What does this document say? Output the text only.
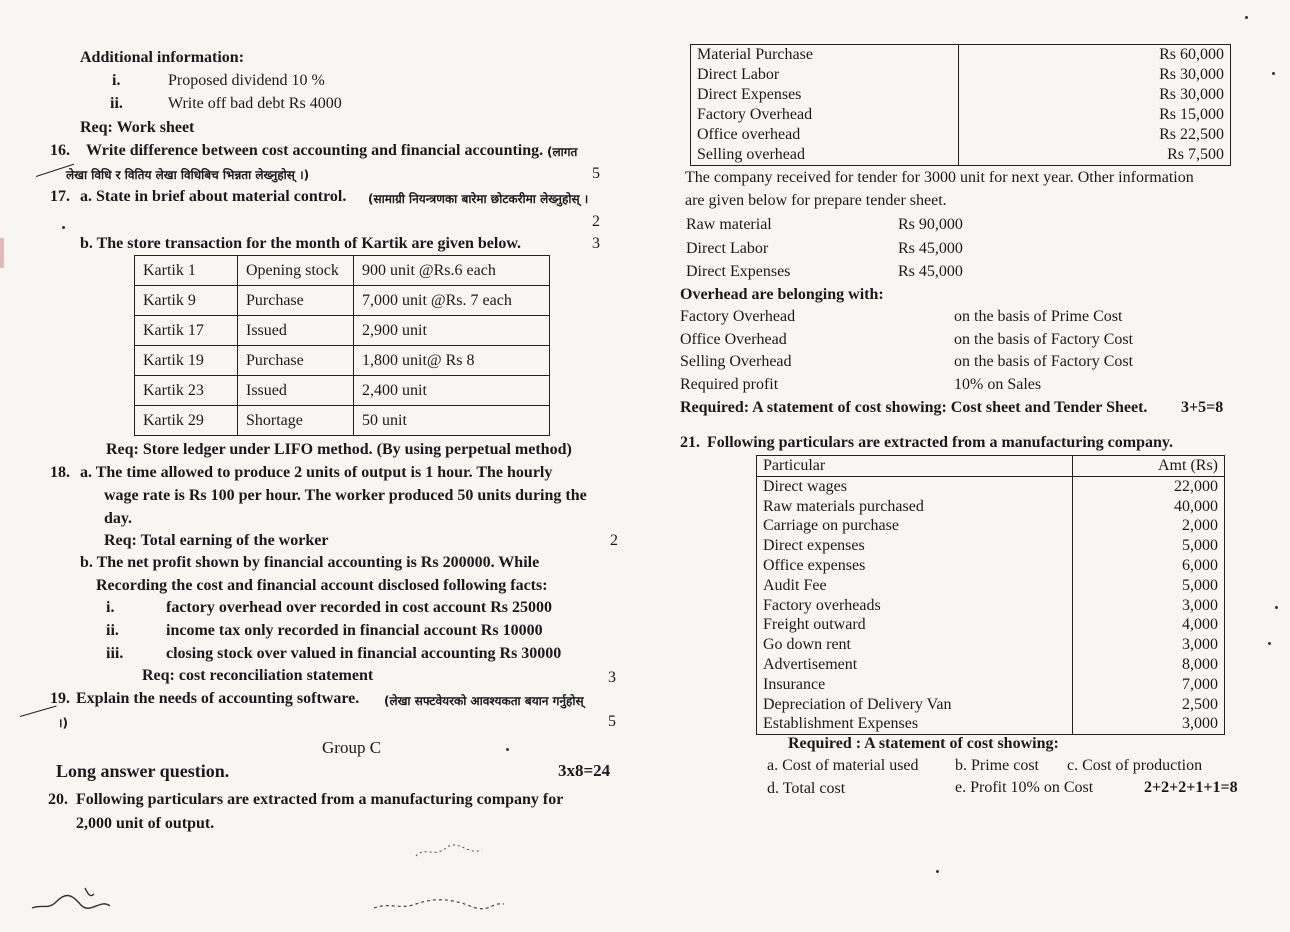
Additional information:
i.	Proposed dividend 10 %
ii.	Write off bad debt Rs 4000
Req: Work sheet
16. Write difference between cost accounting and financial accounting. (लागत
लेखा विधि र वितिय लेखा विधिबिच भिन्नता लेख्नुहोस् ।)	5
17. a. State in brief about material control. (सामाग्री नियन्त्रणका बारेमा छोटकरीमा लेख्नुहोस् ।
2
b. The store transaction for the month of Kartik are given below.	3
Kartik 1	Opening stock	900 unit @Rs.6 each
Kartik 9	Purchase	7,000 unit @Rs. 7 each
Kartik 17	Issued	2,900 unit
Kartik 19	Purchase	1,800 unit@ Rs 8
Kartik 23	Issued	2,400 unit
Kartik 29	Shortage	50 unit
Req: Store ledger under LIFO method. (By using perpetual method)
18. a. The time allowed to produce 2 units of output is 1 hour. The hourly
wage rate is Rs 100 per hour. The worker produced 50 units during the
day.
Req: Total earning of the worker	2
b. The net profit shown by financial accounting is Rs 200000. While
Recording the cost and financial account disclosed following facts:
i.	factory overhead over recorded in cost account Rs 25000
ii.	income tax only recorded in financial account Rs 10000
iii.	closing stock over valued in financial accounting Rs 30000
Req: cost reconciliation statement	3
19. Explain the needs of accounting software. (लेखा सफ्टवेयरको आवश्यकता बयान गर्नुहोस्
।)	5
Group C
Long answer question.	3x8=24
20. Following particulars are extracted from a manufacturing company for
2,000 unit of output.
Material Purchase	Rs 60,000
Direct Labor	Rs 30,000
Direct Expenses	Rs 30,000
Factory Overhead	Rs 15,000
Office overhead	Rs 22,500
Selling overhead	Rs 7,500
The company received for tender for 3000 unit for next year. Other information
are given below for prepare tender sheet.
Raw material	Rs 90,000
Direct Labor	Rs 45,000
Direct Expenses	Rs 45,000
Overhead are belonging with:
Factory Overhead	on the basis of Prime Cost
Office Overhead	on the basis of Factory Cost
Selling Overhead	on the basis of Factory Cost
Required profit	10% on Sales
Required: A statement of cost showing: Cost sheet and Tender Sheet. 3+5=8
21. Following particulars are extracted from a manufacturing company.
Particular	Amt (Rs)
Direct wages	22,000
Raw materials purchased	40,000
Carriage on purchase	2,000
Direct expenses	5,000
Office expenses	6,000
Audit Fee	5,000
Factory overheads	3,000
Freight outward	4,000
Go down rent	3,000
Advertisement	8,000
Insurance	7,000
Depreciation of Delivery Van	2,500
Establishment Expenses	3,000
Required : A statement of cost showing:
a. Cost of material used b. Prime cost c. Cost of production
d. Total cost	e. Profit 10% on Cost	2+2+2+1+1=8
